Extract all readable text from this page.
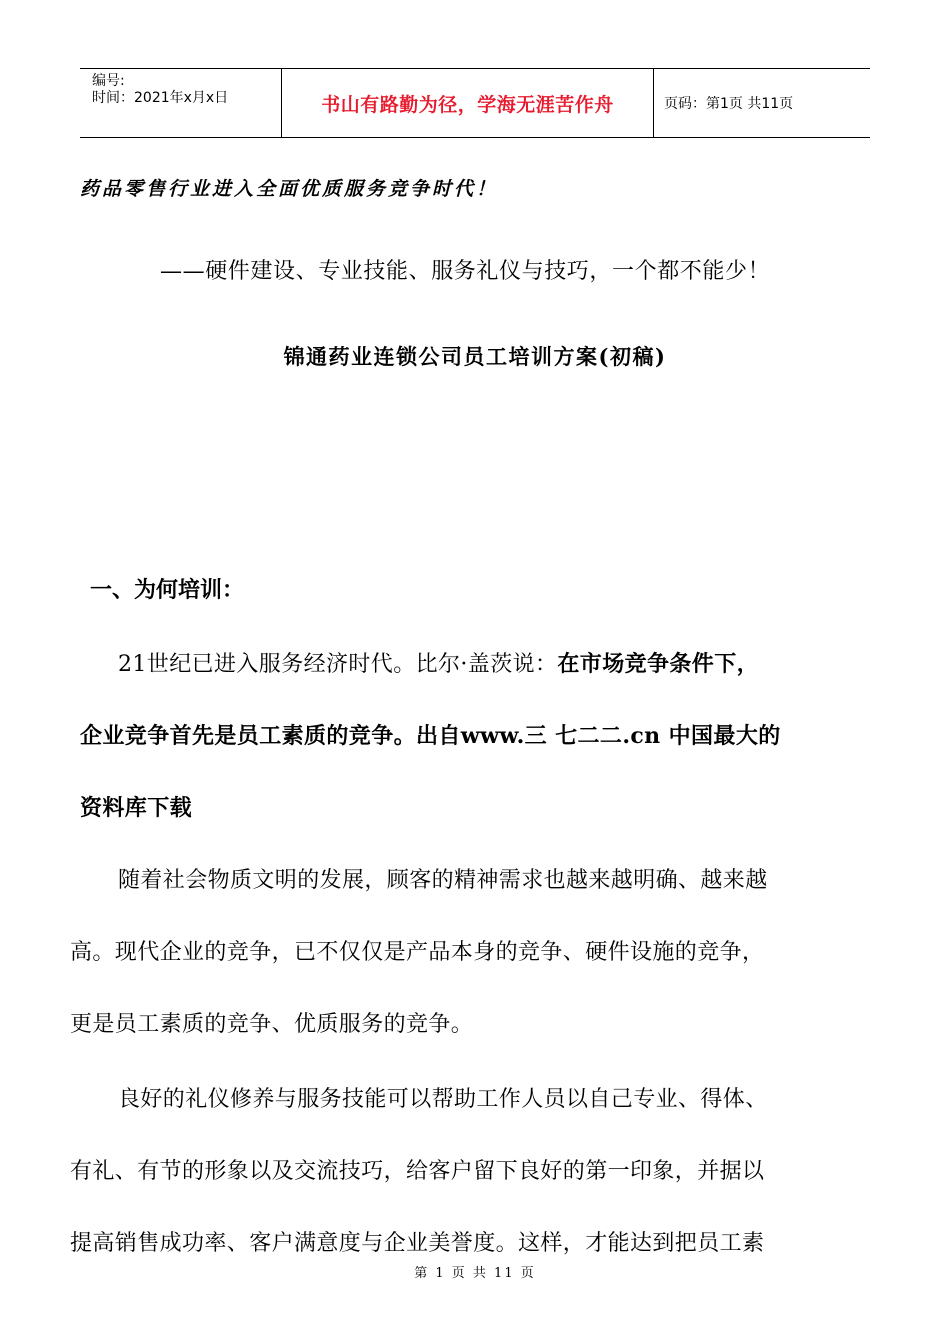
编号:
时间：2021年x月x日	书山有路勤为径，学海无涯苦作舟	页码：第1页 共11页
药品零售行业进入全面优质服务竞争时代！
——硬件建设、专业技能、服务礼仪与技巧，一个都不能少！
锦通药业连锁公司员工培训方案(初稿)
一、为何培训：
21世纪已进入服务经济时代。比尔·盖茨说：在市场竞争条件下，
企业竞争首先是员工素质的竞争。出自www.三 七二二.cn 中国最大的
资料库下载
随着社会物质文明的发展，顾客的精神需求也越来越明确、越来越
高。现代企业的竞争，已不仅仅是产品本身的竞争、硬件设施的竞争，
更是员工素质的竞争、优质服务的竞争。
良好的礼仪修养与服务技能可以帮助工作人员以自己专业、得体、
有礼、有节的形象以及交流技巧，给客户留下良好的第一印象，并据以
提高销售成功率、客户满意度与企业美誉度。这样，才能达到把员工素
第 1 页 共 11 页
